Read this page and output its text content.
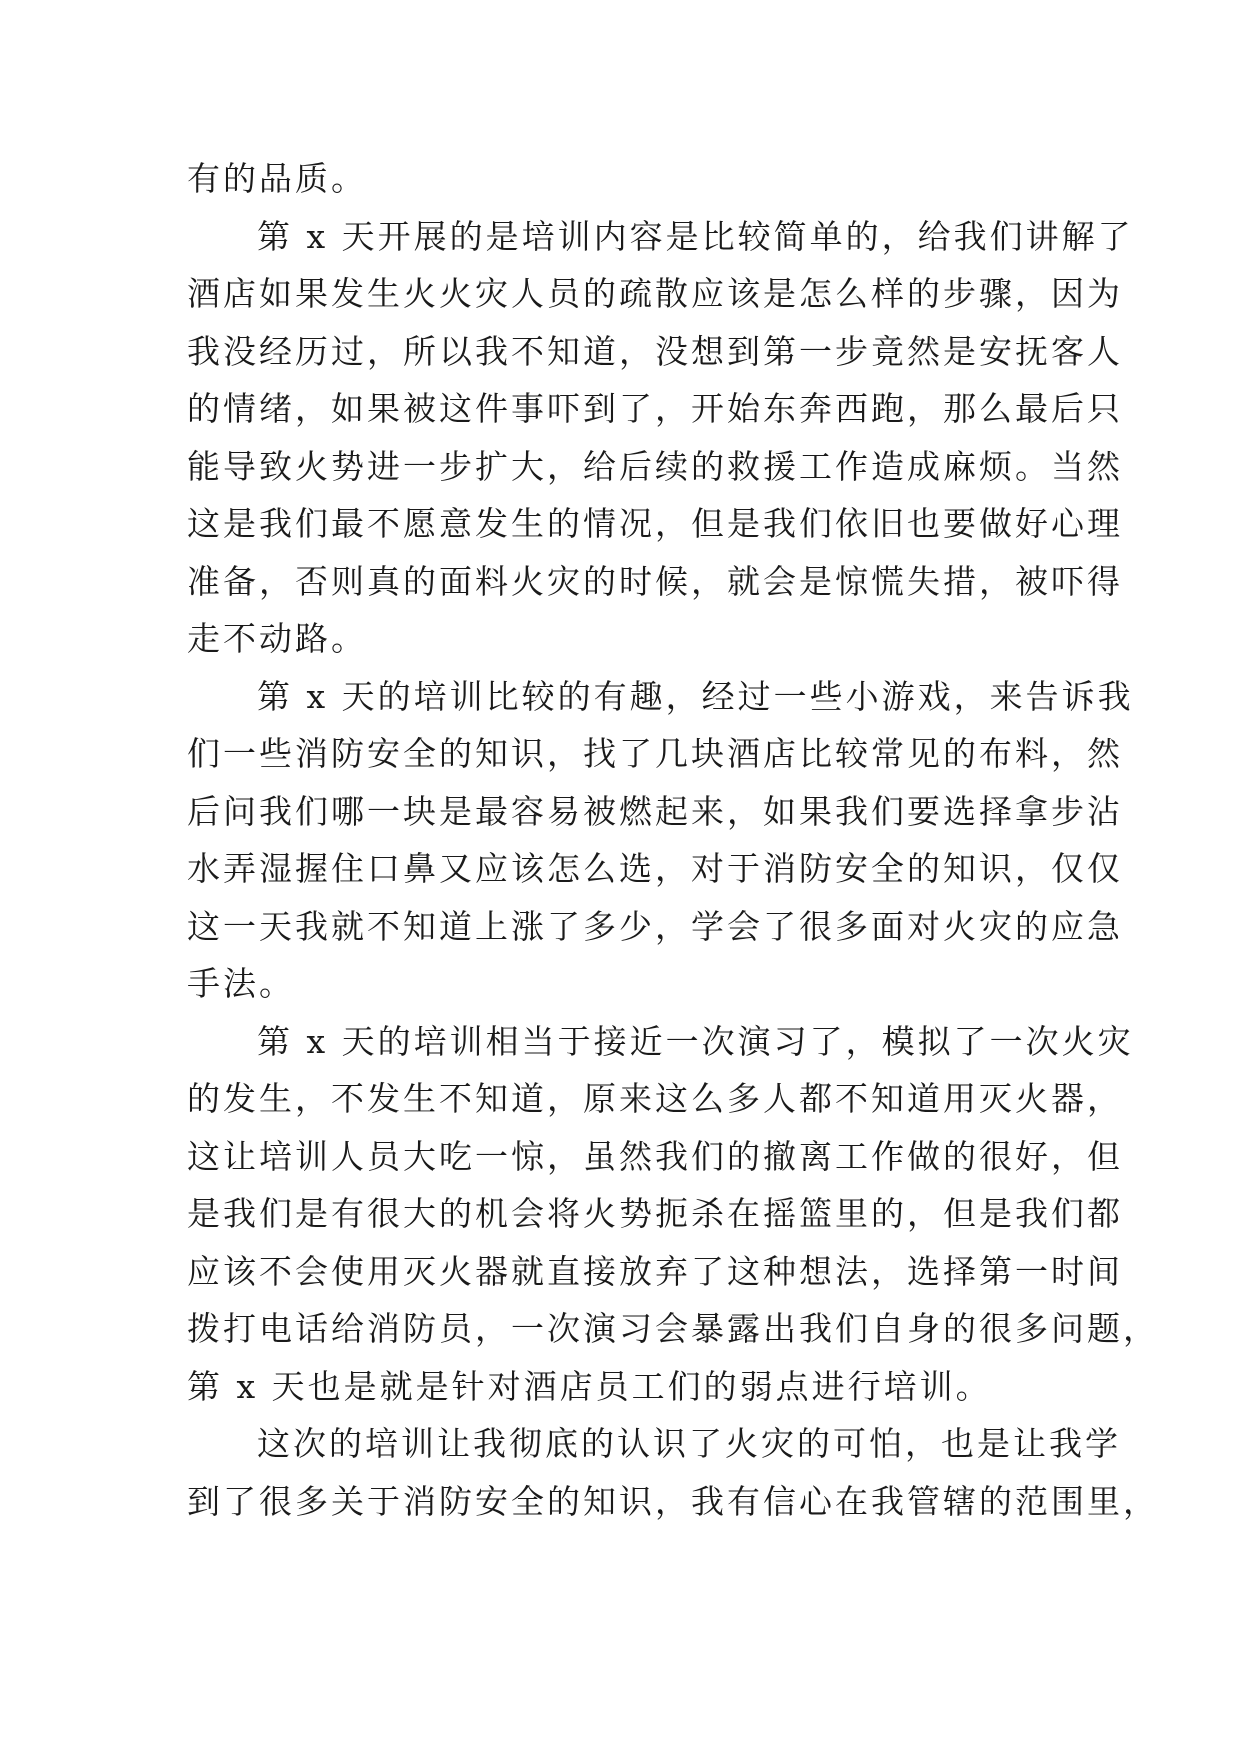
有的品质。
第 x 天开展的是培训内容是比较简单的，给我们讲解了
酒店如果发生火火灾人员的疏散应该是怎么样的步骤，因为
我没经历过，所以我不知道，没想到第一步竟然是安抚客人
的情绪，如果被这件事吓到了，开始东奔西跑，那么最后只
能导致火势进一步扩大，给后续的救援工作造成麻烦。当然
这是我们最不愿意发生的情况，但是我们依旧也要做好心理
准备，否则真的面料火灾的时候，就会是惊慌失措，被吓得
走不动路。
第 x 天的培训比较的有趣，经过一些小游戏，来告诉我
们一些消防安全的知识，找了几块酒店比较常见的布料，然
后问我们哪一块是最容易被燃起来，如果我们要选择拿步沾
水弄湿握住口鼻又应该怎么选，对于消防安全的知识，仅仅
这一天我就不知道上涨了多少，学会了很多面对火灾的应急
手法。
第 x 天的培训相当于接近一次演习了，模拟了一次火灾
的发生，不发生不知道，原来这么多人都不知道用灭火器，
这让培训人员大吃一惊，虽然我们的撤离工作做的很好，但
是我们是有很大的机会将火势扼杀在摇篮里的，但是我们都
应该不会使用灭火器就直接放弃了这种想法，选择第一时间
拨打电话给消防员，一次演习会暴露出我们自身的很多问题，
第 x 天也是就是针对酒店员工们的弱点进行培训。
这次的培训让我彻底的认识了火灾的可怕，也是让我学
到了很多关于消防安全的知识，我有信心在我管辖的范围里，
